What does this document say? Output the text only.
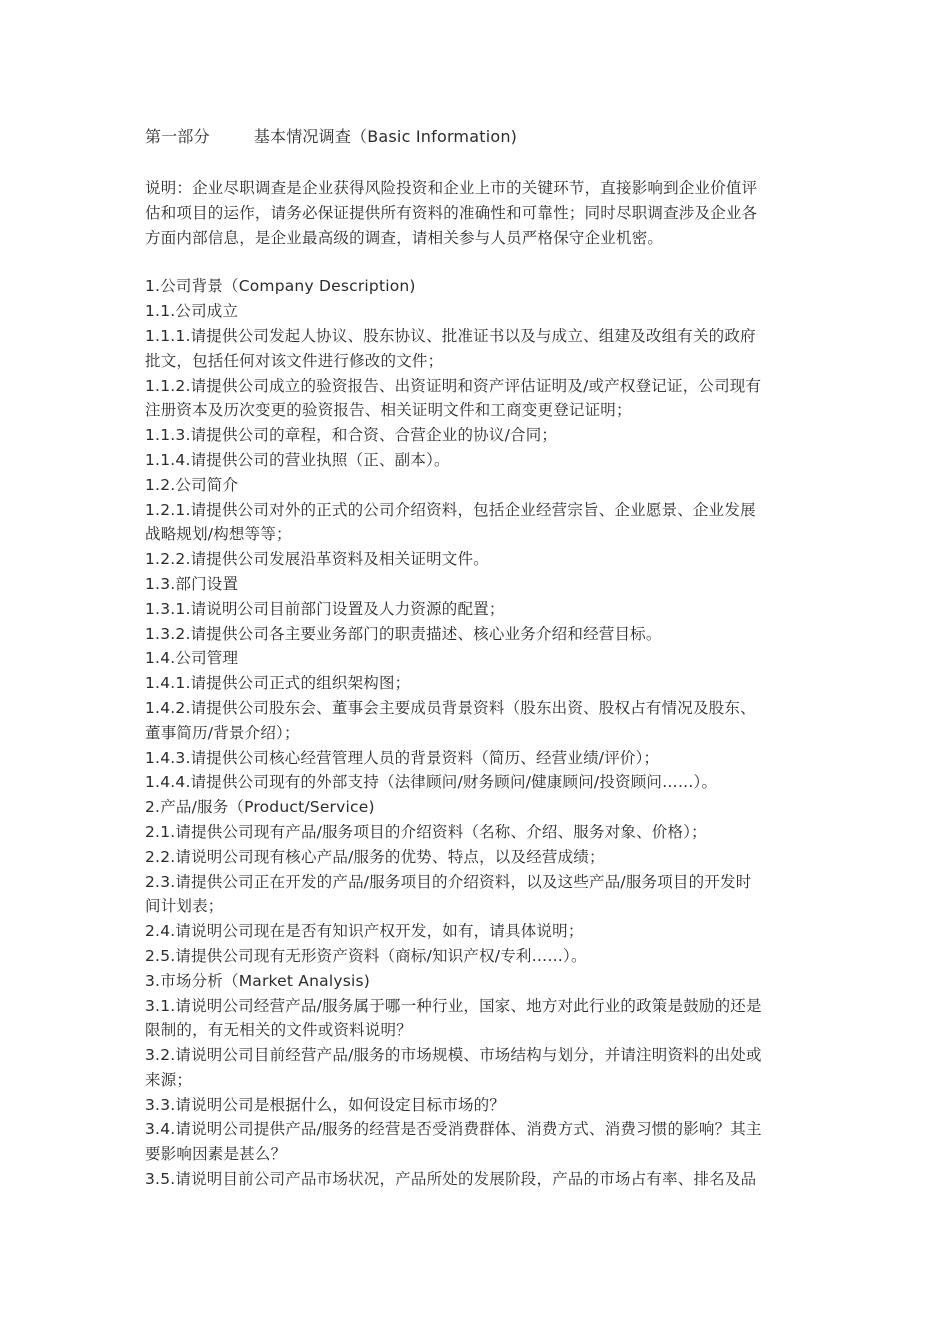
第一部分	基本情况调查（Basic Information)
说明：企业尽职调查是企业获得风险投资和企业上市的关键环节，直接影响到企业价值评
估和项目的运作，请务必保证提供所有资料的准确性和可靠性；同时尽职调查涉及企业各
方面内部信息，是企业最高级的调查，请相关参与人员严格保守企业机密。
1.公司背景（Company Description)
1.1.公司成立
1.1.1.请提供公司发起人协议、股东协议、批准证书以及与成立、组建及改组有关的政府
批文，包括任何对该文件进行修改的文件；
1.1.2.请提供公司成立的验资报告、出资证明和资产评估证明及/或产权登记证，公司现有
注册资本及历次变更的验资报告、相关证明文件和工商变更登记证明；
1.1.3.请提供公司的章程，和合资、合营企业的协议/合同；
1.1.4.请提供公司的营业执照（正、副本）。
1.2.公司简介
1.2.1.请提供公司对外的正式的公司介绍资料，包括企业经营宗旨、企业愿景、企业发展
战略规划/构想等等；
1.2.2.请提供公司发展沿革资料及相关证明文件。
1.3.部门设置
1.3.1.请说明公司目前部门设置及人力资源的配置；
1.3.2.请提供公司各主要业务部门的职责描述、核心业务介绍和经营目标。
1.4.公司管理
1.4.1.请提供公司正式的组织架构图；
1.4.2.请提供公司股东会、董事会主要成员背景资料（股东出资、股权占有情况及股东、
董事简历/背景介绍）；
1.4.3.请提供公司核心经营管理人员的背景资料（简历、经营业绩/评价）；
1.4.4.请提供公司现有的外部支持（法律顾问/财务顾问/健康顾问/投资顾问……）。
2.产品/服务（Product/Service)
2.1.请提供公司现有产品/服务项目的介绍资料（名称、介绍、服务对象、价格）；
2.2.请说明公司现有核心产品/服务的优势、特点，以及经营成绩；
2.3.请提供公司正在开发的产品/服务项目的介绍资料，以及这些产品/服务项目的开发时
间计划表；
2.4.请说明公司现在是否有知识产权开发，如有，请具体说明；
2.5.请提供公司现有无形资产资料（商标/知识产权/专利……）。
3.市场分析（Market Analysis)
3.1.请说明公司经营产品/服务属于哪一种行业，国家、地方对此行业的政策是鼓励的还是
限制的，有无相关的文件或资料说明？
3.2.请说明公司目前经营产品/服务的市场规模、市场结构与划分，并请注明资料的出处或
来源；
3.3.请说明公司是根据什么，如何设定目标市场的？
3.4.请说明公司提供产品/服务的经营是否受消费群体、消费方式、消费习惯的影响？其主
要影响因素是甚么？
3.5.请说明目前公司产品市场状况，产品所处的发展阶段，产品的市场占有率、排名及品
